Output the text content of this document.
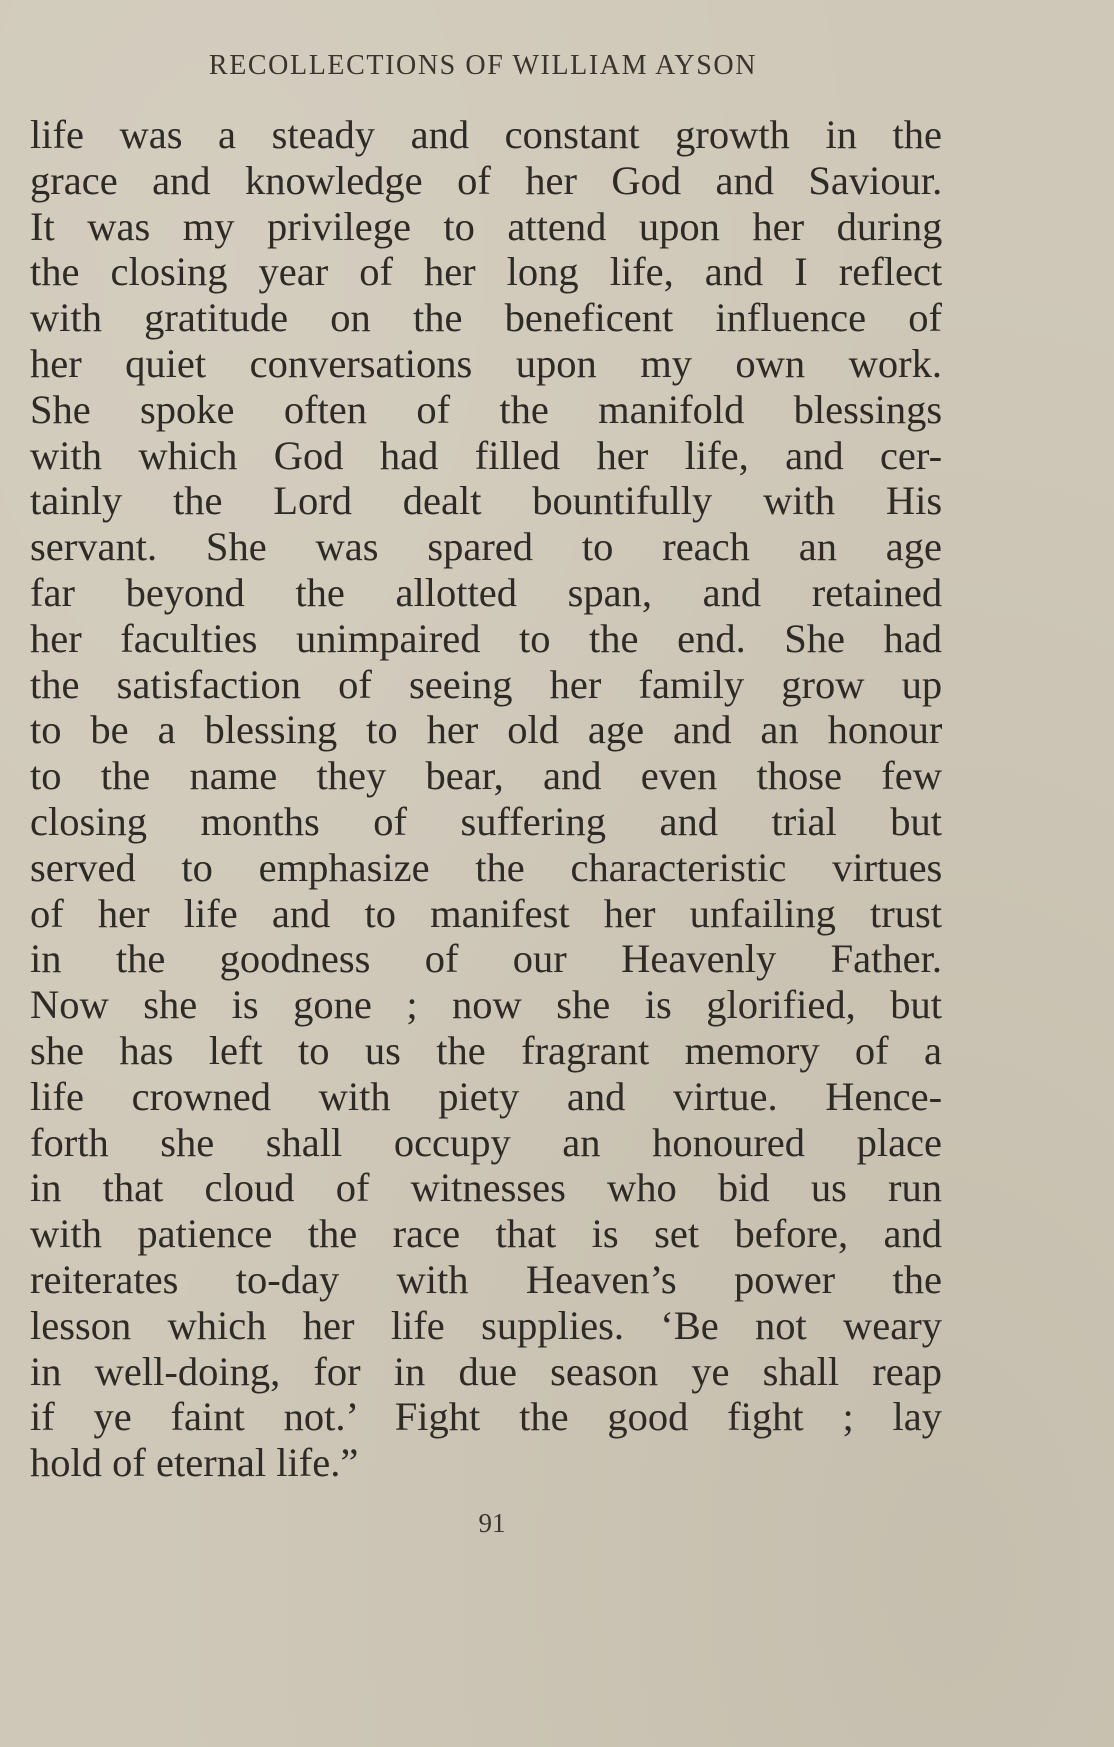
RECOLLECTIONS OF WILLIAM AYSON
life was a steady and constant growth in the
grace and knowledge of her God and Saviour.
It was my privilege to attend upon her during
the closing year of her long life, and I reflect
with gratitude on the beneficent influence of
her quiet conversations upon my own work.
She spoke often of the manifold blessings
with which God had filled her life, and cer-
tainly the Lord dealt bountifully with His
servant. She was spared to reach an age
far beyond the allotted span, and retained
her faculties unimpaired to the end. She had
the satisfaction of seeing her family grow up
to be a blessing to her old age and an honour
to the name they bear, and even those few
closing months of suffering and trial but
served to emphasize the characteristic virtues
of her life and to manifest her unfailing trust
in the goodness of our Heavenly Father.
Now she is gone ; now she is glorified, but
she has left to us the fragrant memory of a
life crowned with piety and virtue. Hence-
forth she shall occupy an honoured place
in that cloud of witnesses who bid us run
with patience the race that is set before, and
reiterates to-day with Heaven’s power the
lesson which her life supplies. ‘Be not weary
in well-doing, for in due season ye shall reap
if ye faint not.’ Fight the good fight ; lay
hold of eternal life.”
91
